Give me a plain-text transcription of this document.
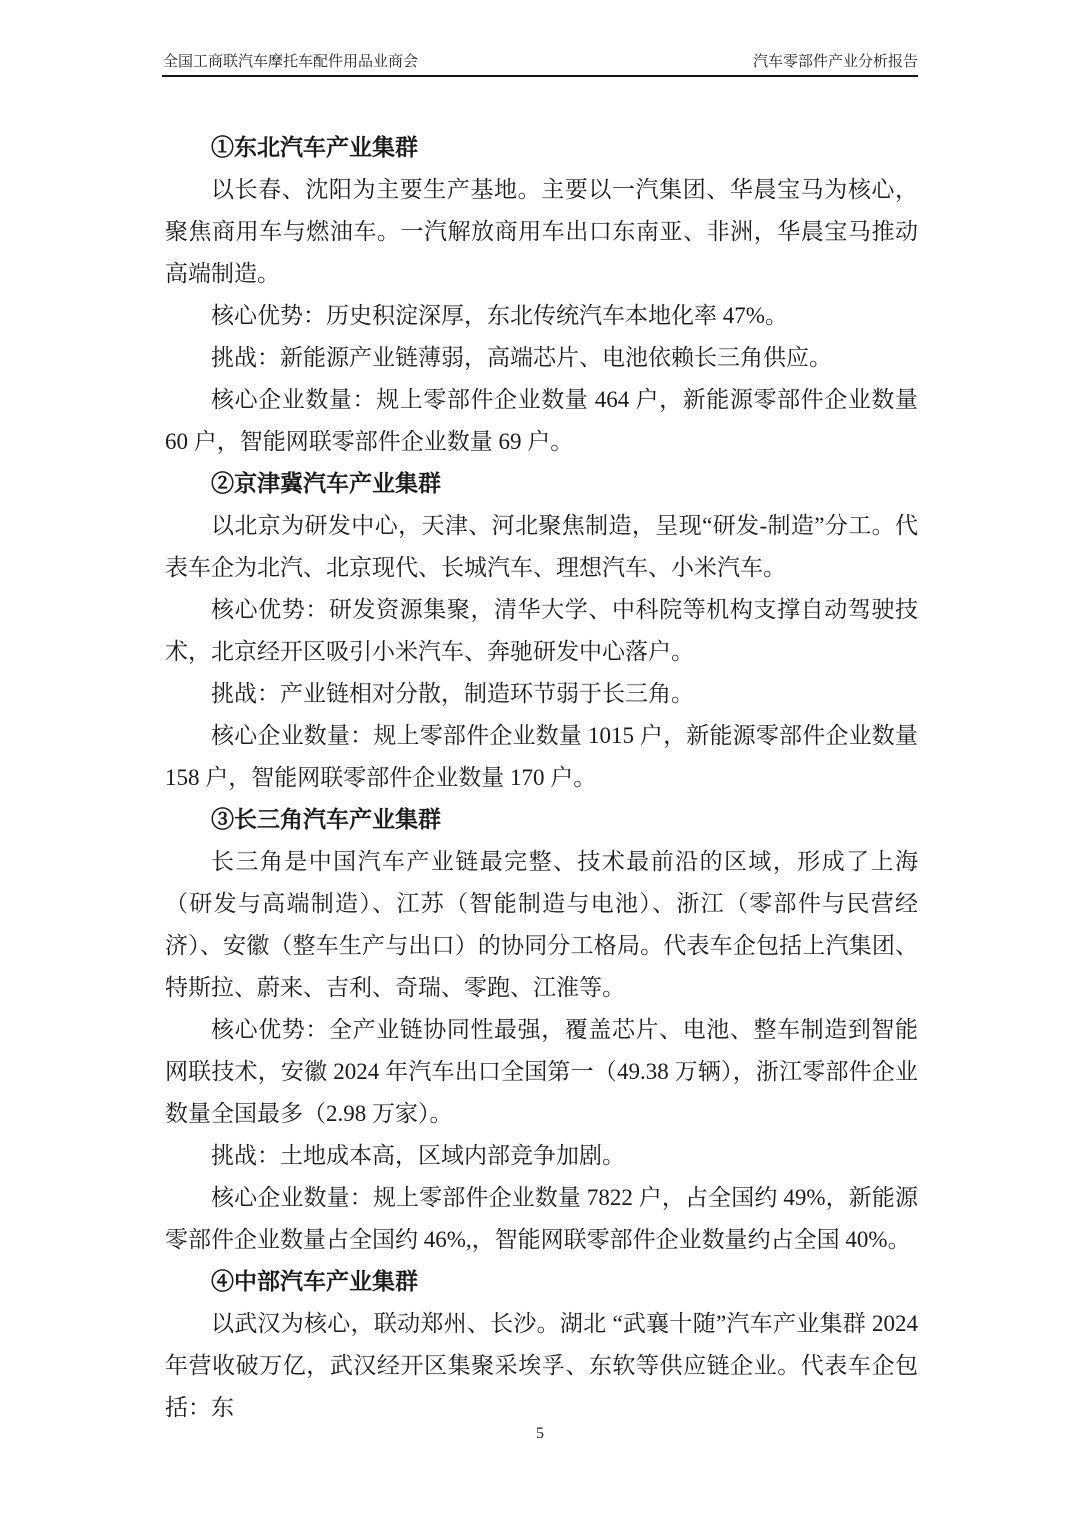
全国工商联汽车摩托车配件用品业商会	汽车零部件产业分析报告
①东北汽车产业集群

以长春、沈阳为主要生产基地。主要以一汽集团、华晨宝马为核心，聚焦商用车与燃油车。一汽解放商用车出口东南亚、非洲，华晨宝马推动高端制造。

核心优势：历史积淀深厚，东北传统汽车本地化率 47%。

挑战：新能源产业链薄弱，高端芯片、电池依赖长三角供应。

核心企业数量：规上零部件企业数量 464 户，新能源零部件企业数量 60 户，智能网联零部件企业数量 69 户。

②京津冀汽车产业集群

以北京为研发中心，天津、河北聚焦制造，呈现“研发-制造”分工。代表车企为北汽、北京现代、长城汽车、理想汽车、小米汽车。

核心优势：研发资源集聚，清华大学、中科院等机构支撑自动驾驶技术，北京经开区吸引小米汽车、奔驰研发中心落户。

挑战：产业链相对分散，制造环节弱于长三角。

核心企业数量：规上零部件企业数量 1015 户，新能源零部件企业数量 158 户，智能网联零部件企业数量 170 户。

③长三角汽车产业集群

长三角是中国汽车产业链最完整、技术最前沿的区域，形成了上海（研发与高端制造）、江苏（智能制造与电池）、浙江（零部件与民营经济）、安徽（整车生产与出口）的协同分工格局。代表车企包括上汽集团、特斯拉、蔚来、吉利、奇瑞、零跑、江淮等。

核心优势：全产业链协同性最强，覆盖芯片、电池、整车制造到智能网联技术，安徽 2024 年汽车出口全国第一（49.38 万辆），浙江零部件企业数量全国最多（2.98 万家）。

挑战：土地成本高，区域内部竞争加剧。

核心企业数量：规上零部件企业数量 7822 户，占全国约 49%，新能源零部件企业数量占全国约 46%,，智能网联零部件企业数量约占全国 40%。

④中部汽车产业集群

以武汉为核心，联动郑州、长沙。湖北 “武襄十随”汽车产业集群 2024 年营收破万亿，武汉经开区集聚采埃孚、东软等供应链企业。代表车企包括：东

5
